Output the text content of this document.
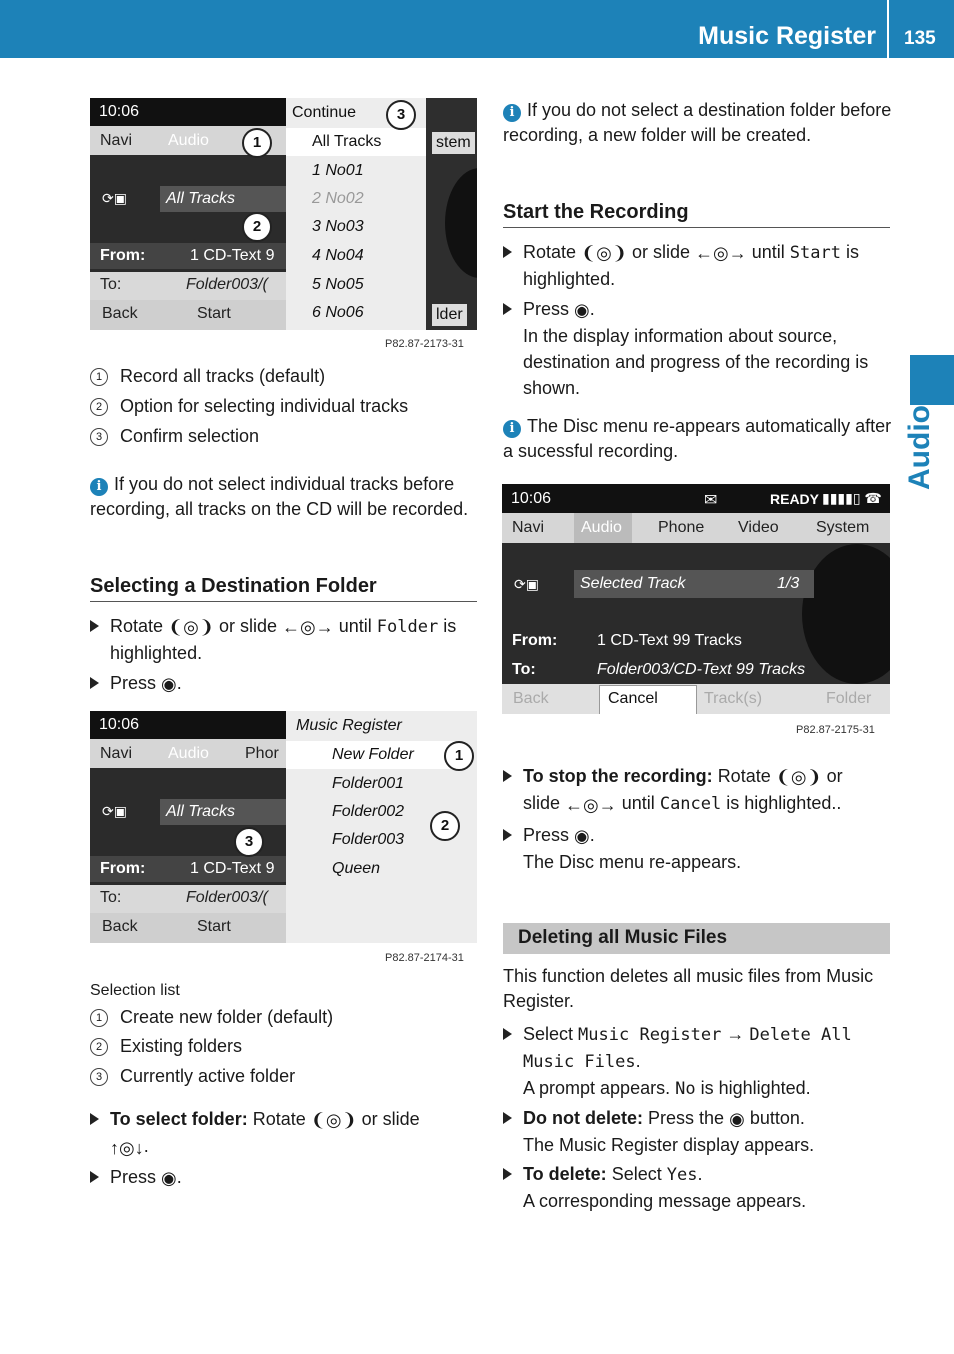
Music Register 135
Audio
10:06
Navi Audio
⟳▣ All Tracks
From:	1 CD-Text 9
To:	Folder003/(
Back	Start
Continue
All Tracks
1 No01
2 No02
3 No03
4 No04
5 No05
6 No06
stem
lder
1
2
3
P82.87-2173-31
1 Record all tracks (default)
2 Option for selecting individual tracks
3 Confirm selection
i If you do not select individual tracks before recording, all tracks on the CD will be recorded.
Selecting a Destination Folder
Rotate ❨◎❩ or slide ←◎→ until Folder is
highlighted.
Press ◉.
10:06
Navi Audio Phor
⟳▣ All Tracks
From:	1 CD-Text 9
To:	Folder003/(
Back	Start
Music Register
New Folder
Folder001
Folder002
Folder003
Queen
1
2
3
P82.87-2174-31
Selection list
1 Create new folder (default)
2 Existing folders
3 Currently active folder
To select folder: Rotate ❨◎❩ or slide
↑◎↓.
Press ◉.
i If you do not select a destination folder before recording, a new folder will be created.
Start the Recording
Rotate ❨◎❩ or slide ←◎→ until Start is
highlighted.
Press ◉.
In the display information about source, destination and progress of the recording is shown.
i The Disc menu re-appears automatically after a sucessful recording.
10:06	✉	READY ▮▮▮▮▯ ☎
Navi Audio Phone Video System
⟳▣	Selected Track	1/3
From: 1 CD-Text 99 Tracks
To:	Folder003/CD-Text 99 Tracks
Back	Cancel	Track(s)	Folder
P82.87-2175-31
To stop the recording: Rotate ❨◎❩ or
slide ←◎→ until Cancel is highlighted..
Press ◉.
The Disc menu re-appears.
Deleting all Music Files
This function deletes all music files from Music Register.
Select Music Register → Delete All
Music Files.
A prompt appears. No is highlighted.
Do not delete: Press the ◉ button.
The Music Register display appears.
To delete: Select Yes.
A corresponding message appears.
